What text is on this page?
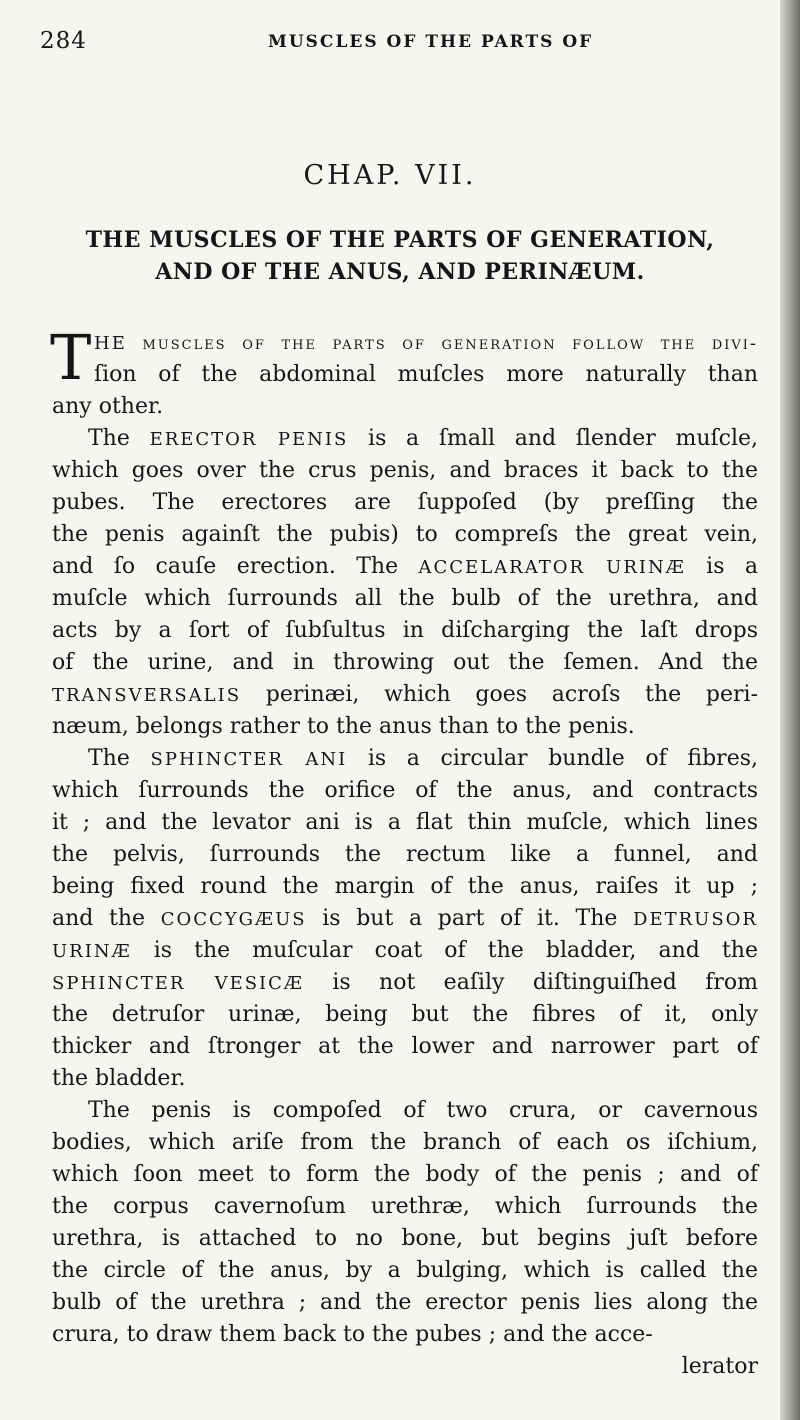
284	MUSCLES OF THE PARTS OF
CHAP. VII.
THE MUSCLES OF THE PARTS OF GENERATION,
AND OF THE ANUS, AND PERINÆUM.
T HE muſcles of the parts of generation follow the divi-
ſion of the abdominal muſcles more naturally than
any other.
The ERECTOR PENIS is a ſmall and ſlender muſcle,
which goes over the crus penis, and braces it back to the
pubes. The erectores are ſuppoſed (by preſſing the
the penis againſt the pubis) to compreſs the great vein,
and ſo cauſe erection. The ACCELARATOR URINÆ is a
muſcle which ſurrounds all the bulb of the urethra, and
acts by a ſort of ſubſultus in diſcharging the laſt drops
of the urine, and in throwing out the ſemen. And the
TRANSVERSALIS perinæi, which goes acroſs the peri-
næum, belongs rather to the anus than to the penis.
The SPHINCTER ANI is a circular bundle of fibres,
which ſurrounds the orifice of the anus, and contracts
it ; and the levator ani is a flat thin muſcle, which lines
the pelvis, ſurrounds the rectum like a funnel, and
being fixed round the margin of the anus, raiſes it up ;
and the COCCYGÆUS is but a part of it. The DETRUSOR
URINÆ is the muſcular coat of the bladder, and the
SPHINCTER VESICÆ is not eaſily diſtinguiſhed from
the detruſor urinæ, being but the fibres of it, only
thicker and ſtronger at the lower and narrower part of
the bladder.
The penis is compoſed of two crura, or cavernous
bodies, which ariſe from the branch of each os iſchium,
which ſoon meet to form the body of the penis ; and of
the corpus cavernoſum urethræ, which ſurrounds the
urethra, is attached to no bone, but begins juſt before
the circle of the anus, by a bulging, which is called the
bulb of the urethra ; and the erector penis lies along the
crura, to draw them back to the pubes ; and the acce-
lerator
